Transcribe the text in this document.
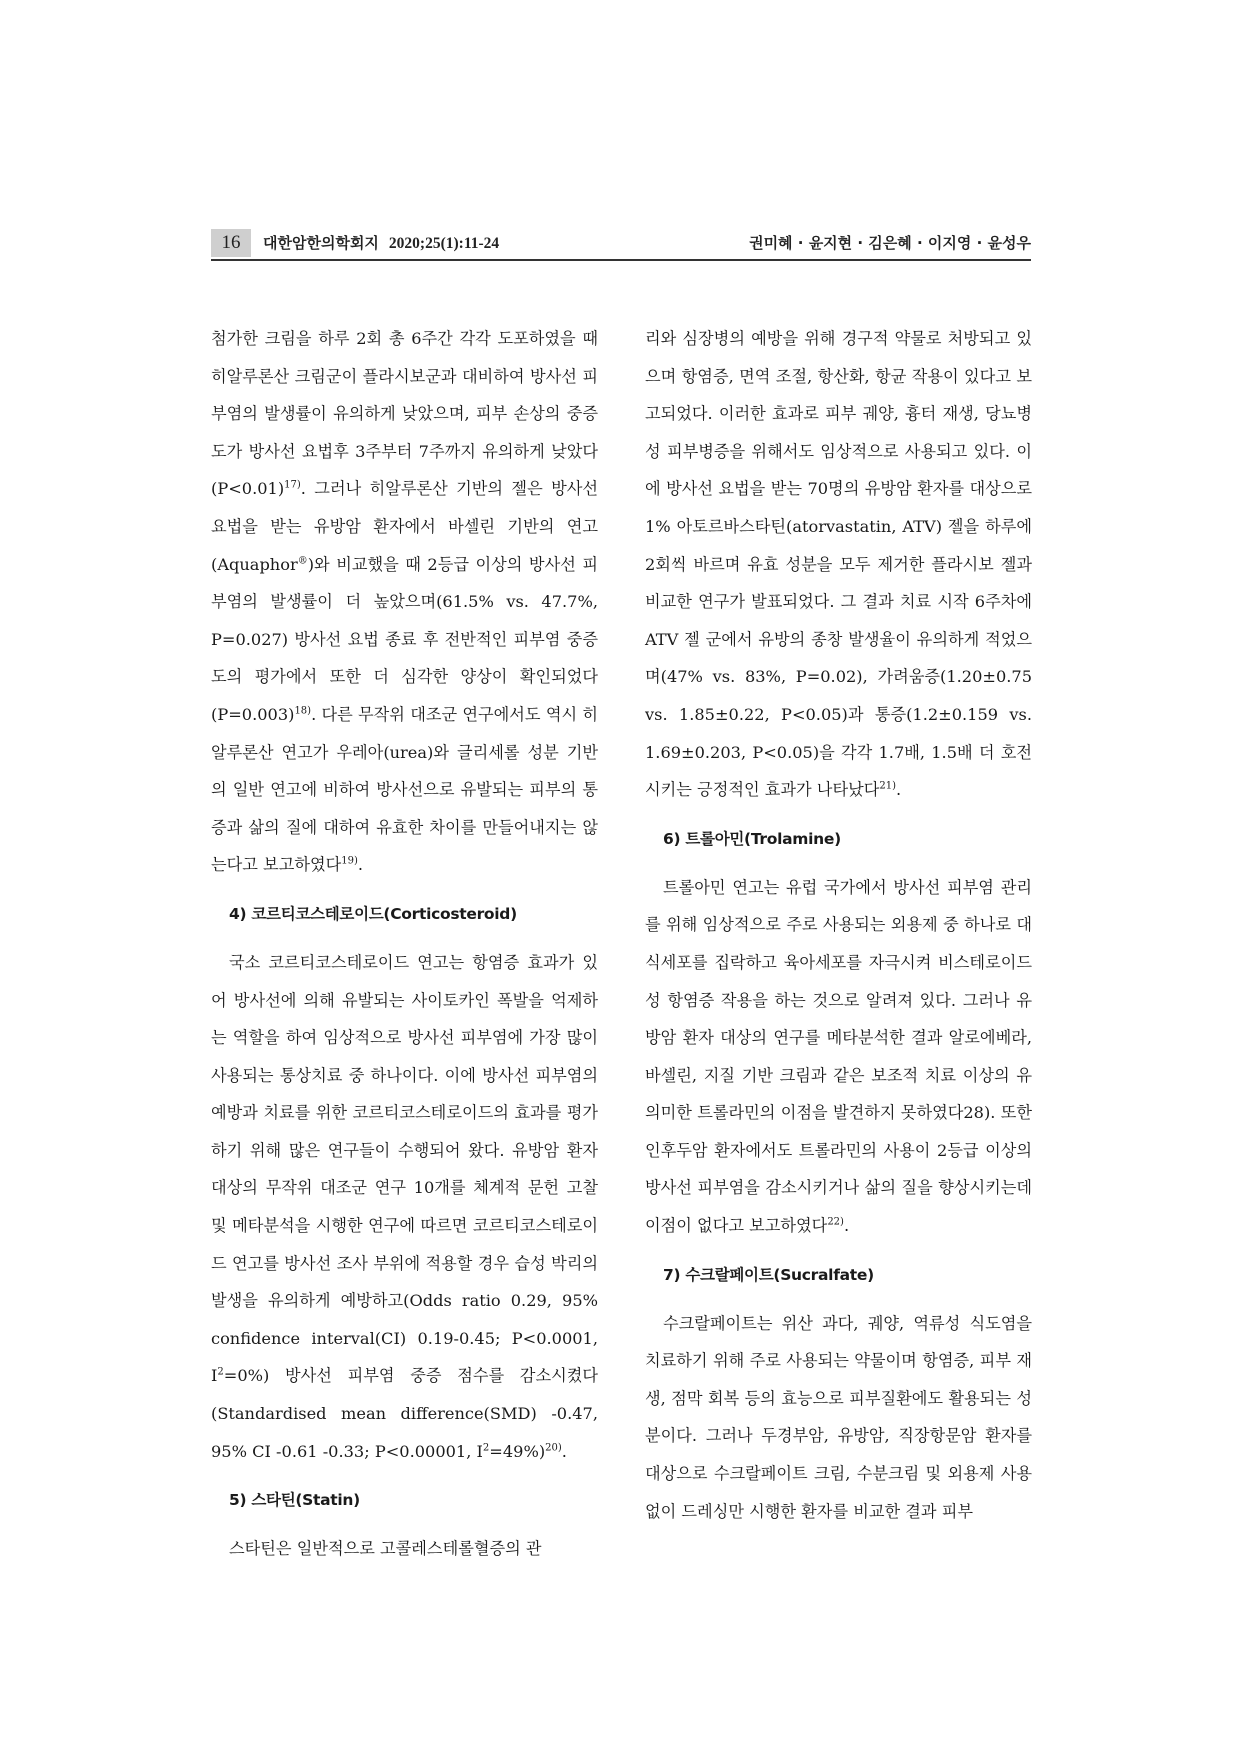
16	대한암한의학회지 2020;25(1):11-24	권미혜 · 윤지현 · 김은혜 · 이지영 · 윤성우

첨가한 크림을 하루 2회 총 6주간 각각 도포하였을 때 히알루론산 크림군이 플라시보군과 대비하여 방사선 피부염의 발생률이 유의하게 낮았으며, 피부 손상의 중증도가 방사선 요법후 3주부터 7주까지 유의하게 낮았다(P<0.01)$^{17)}$. 그러나 히알루론산 기반의 젤은 방사선 요법을 받는 유방암 환자에서 바셀린 기반의 연고(Aquaphor®)와 비교했을 때 2등급 이상의 방사선 피부염의 발생률이 더 높았으며(61.5% vs. 47.7%, P=0.027) 방사선 요법 종료 후 전반적인 피부염 중증도의 평가에서 또한 더 심각한 양상이 확인되었다(P=0.003)$^{18)}$. 다른 무작위 대조군 연구에서도 역시 히알루론산 연고가 우레아(urea)와 글리세롤 성분 기반의 일반 연고에 비하여 방사선으로 유발되는 피부의 통증과 삶의 질에 대하여 유효한 차이를 만들어내지는 않는다고 보고하였다$^{19)}$.

4) 코르티코스테로이드(Corticosteroid)

국소 코르티코스테로이드 연고는 항염증 효과가 있어 방사선에 의해 유발되는 사이토카인 폭발을 억제하는 역할을 하여 임상적으로 방사선 피부염에 가장 많이 사용되는 통상치료 중 하나이다. 이에 방사선 피부염의 예방과 치료를 위한 코르티코스테로이드의 효과를 평가하기 위해 많은 연구들이 수행되어 왔다. 유방암 환자 대상의 무작위 대조군 연구 10개를 체계적 문헌 고찰 및 메타분석을 시행한 연구에 따르면 코르티코스테로이드 연고를 방사선 조사 부위에 적용할 경우 습성 박리의 발생을 유의하게 예방하고(Odds ratio 0.29, 95% confidence interval(CI) 0.19-0.45; P<0.0001, $I^2=0\%$) 방사선 피부염 중증 점수를 감소시켰다(Standardised mean difference(SMD) -0.47, 95% CI -0.61 -0.33; P<0.00001, $I^2=49\%)^{20)}$.

5) 스타틴(Statin)

스타틴은 일반적으로 고콜레스테롤혈증의 관

리와 심장병의 예방을 위해 경구적 약물로 처방되고 있으며 항염증, 면역 조절, 항산화, 항균 작용이 있다고 보고되었다. 이러한 효과로 피부 궤양, 흉터 재생, 당뇨병성 피부병증을 위해서도 임상적으로 사용되고 있다. 이에 방사선 요법을 받는 70명의 유방암 환자를 대상으로 1% 아토르바스타틴(atorvastatin, ATV) 젤을 하루에 2회씩 바르며 유효 성분을 모두 제거한 플라시보 젤과 비교한 연구가 발표되었다. 그 결과 치료 시작 6주차에 ATV 젤 군에서 유방의 종창 발생율이 유의하게 적었으며(47% vs. 83%, P=0.02), 가려움증(1.20±0.75 vs. 1.85±0.22, P<0.05)과 통증(1.2±0.159 vs. 1.69±0.203, P<0.05)을 각각 1.7배, 1.5배 더 호전시키는 긍정적인 효과가 나타났다$^{21)}$.

6) 트롤아민(Trolamine)

트롤아민 연고는 유럽 국가에서 방사선 피부염 관리를 위해 임상적으로 주로 사용되는 외용제 중 하나로 대식세포를 집락하고 육아세포를 자극시켜 비스테로이드성 항염증 작용을 하는 것으로 알려져 있다. 그러나 유방암 환자 대상의 연구를 메타분석한 결과 알로에베라, 바셀린, 지질 기반 크림과 같은 보조적 치료 이상의 유의미한 트롤라민의 이점을 발견하지 못하였다28). 또한 인후두암 환자에서도 트롤라민의 사용이 2등급 이상의 방사선 피부염을 감소시키거나 삶의 질을 향상시키는데 이점이 없다고 보고하였다$^{22)}$.

7) 수크랄페이트(Sucralfate)

수크랄페이트는 위산 과다, 궤양, 역류성 식도염을 치료하기 위해 주로 사용되는 약물이며 항염증, 피부 재생, 점막 회복 등의 효능으로 피부질환에도 활용되는 성분이다. 그러나 두경부암, 유방암, 직장항문암 환자를 대상으로 수크랄페이트 크림, 수분크림 및 외용제 사용 없이 드레싱만 시행한 환자를 비교한 결과 피부
